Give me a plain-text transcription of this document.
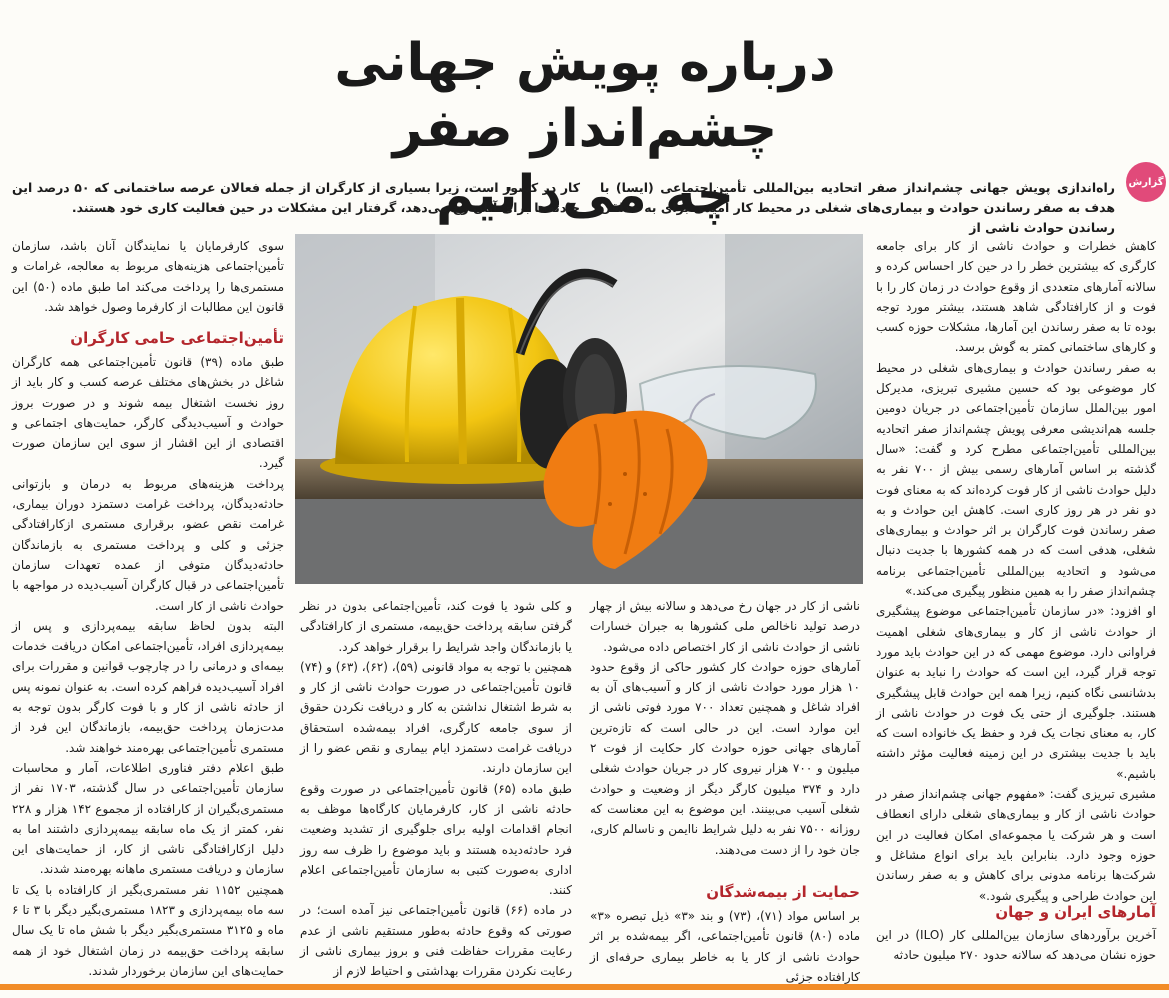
درباره پویش جهانی چشم‌انداز صفر
چه می‌دانیم	گزارش
راه‌اندازی پویش جهانی چشم‌انداز صفر اتحادیه بین‌المللی تأمین‌اجتماعی (ایسا) با هدف به صفر رساندن حوادث و بیماری‌های شغلی در محیط کار امیدی برای به حداقل رساندن حوادث ناشی از
کار در کشور است، زیرا بسیاری از کارگران از جمله فعالان عرصه ساختمانی که ۵۰ درصد این حادثه‌ها برای آنان رخ می‌دهد، گرفتار این مشکلات در حین فعالیت کاری خود هستند.

کاهش خطرات و حوادث ناشی از کار برای جامعه کارگری که بیشترین خطر را در حین کار احساس کرده و سالانه آمارهای متعددی از وقوع حوادث در زمان کار را با فوت و از کارافتادگی شاهد هستند، بیشتر مورد توجه بوده تا به صفر رساندن این آمارها، مشکلات حوزه کسب و کارهای ساختمانی کمتر به گوش برسد.

به صفر رساندن حوادث و بیماری‌های شغلی در محیط کار موضوعی بود که حسین مشیری تبریزی، مدیرکل امور بین‌الملل سازمان تأمین‌اجتماعی در جریان دومین جلسه هم‌اندیشی معرفی پویش چشم‌انداز صفر اتحادیه بین‌المللی تأمین‌اجتماعی مطرح کرد و گفت: «سال گذشته بر اساس آمارهای رسمی بیش از ۷۰۰ نفر به دلیل حوادث ناشی از کار فوت کرده‌اند که به معنای فوت دو نفر در هر روز کاری است. کاهش این حوادث و به صفر رساندن فوت کارگران بر اثر حوادث و بیماری‌های شغلی، هدفی است که در همه کشورها با جدیت دنبال می‌شود و اتحادیه بین‌المللی تأمین‌اجتماعی برنامه چشم‌انداز صفر را به همین منظور پیگیری می‌کند.»

او افزود: «در سازمان تأمین‌اجتماعی موضوع پیشگیری از حوادث ناشی از کار و بیماری‌های شغلی اهمیت فراوانی دارد. موضوع مهمی که در این حوادث باید مورد توجه قرار گیرد، این است که حوادث را نباید به عنوان بدشانسی نگاه کنیم، زیرا همه این حوادث قابل پیشگیری هستند. جلوگیری از حتی یک فوت در حوادث ناشی از کار، به معنای نجات یک فرد و حفظ یک خانواده است که باید با جدیت بیشتری در این زمینه فعالیت مؤثر داشته باشیم.»

مشیری تبریزی گفت: «مفهوم جهانی چشم‌انداز صفر در حوادث ناشی از کار و بیماری‌های شغلی دارای انعطاف است و هر شرکت یا مجموعه‌ای امکان فعالیت در این حوزه وجود دارد. بنابراین باید برای انواع مشاغل و شرکت‌ها برنامه مدونی برای کاهش و به صفر رساندن این حوادث طراحی و پیگیری شود.»

آمارهای ایران و جهان

آخرین برآوردهای سازمان بین‌المللی کار (ILO) در این حوزه نشان می‌دهد که سالانه حدود ۲۷۰ میلیون حادثه

ناشی از کار در جهان رخ می‌دهد و سالانه بیش از چهار درصد تولید ناخالص ملی کشورها به جبران خسارات ناشی از حوادث ناشی از کار اختصاص داده می‌شود.

آمارهای حوزه حوادث کار کشور حاکی از وقوع حدود ۱۰ هزار مورد حوادث ناشی از کار و آسیب‌های آن به افراد شاغل و همچنین تعداد ۷۰۰ مورد فوتی ناشی از این موارد است. این در حالی است که تازه‌ترین آمارهای جهانی حوزه حوادث کار حکایت از فوت ۲ میلیون و ۷۰۰ هزار نیروی کار در جریان حوادث شغلی دارد و ۳۷۴ میلیون کارگر دیگر از وضعیت و حوادث شغلی آسیب می‌بینند. این موضوع به این معناست که روزانه ۷۵۰۰ نفر به دلیل شرایط ناایمن و ناسالم کاری، جان خود را از دست می‌دهند.

حمایت از بیمه‌شدگان

بر اساس مواد (۷۱)، (۷۳) و بند «۳» ذیل تبصره «۳» ماده (۸۰) قانون تأمین‌اجتماعی، اگر بیمه‌شده بر اثر حوادث ناشی از کار یا به خاطر بیماری حرفه‌ای از کارافتاده جزئی

و کلی شود یا فوت کند، تأمین‌اجتماعی بدون در نظر گرفتن سابقه پرداخت حق‌بیمه، مستمری از کارافتادگی یا بازماندگان واجد شرایط را برقرار خواهد کرد.

همچنین با توجه به مواد قانونی (۵۹)، (۶۲)، (۶۳) و (۷۴) قانون تأمین‌اجتماعی در صورت حوادث ناشی از کار و به شرط اشتغال نداشتن به کار و دریافت نکردن حقوق از سوی جامعه کارگری، افراد بیمه‌شده استحقاق دریافت غرامت دستمزد ایام بیماری و نقص عضو را از این سازمان دارند.

طبق ماده (۶۵) قانون تأمین‌اجتماعی در صورت وقوع حادثه ناشی از کار، کارفرمایان کارگاه‌ها موظف به انجام اقدامات اولیه برای جلوگیری از تشدید وضعیت فرد حادثه‌دیده هستند و باید موضوع را ظرف سه روز اداری به‌صورت کتبی به سازمان تأمین‌اجتماعی اعلام کنند.

در ماده (۶۶) قانون تأمین‌اجتماعی نیز آمده است؛ در صورتی که وقوع حادثه به‌طور مستقیم ناشی از عدم رعایت مقررات حفاظت فنی و بروز بیماری ناشی از رعایت نکردن مقررات بهداشتی و احتیاط لازم از

سوی کارفرمایان یا نمایندگان آنان باشد، سازمان تأمین‌اجتماعی هزینه‌های مربوط به معالجه، غرامات و مستمری‌ها را پرداخت می‌کند اما طبق ماده (۵۰) این قانون این مطالبات از کارفرما وصول خواهد شد.

تأمین‌اجتماعی حامی کارگران

طبق ماده (۳۹) قانون تأمین‌اجتماعی همه کارگران شاغل در بخش‌های مختلف عرصه کسب و کار باید از روز نخست اشتغال بیمه شوند و در صورت بروز حوادث و آسیب‌دیدگی کارگر، حمایت‌های اجتماعی و اقتصادی از این اقشار از سوی این سازمان صورت گیرد.

پرداخت هزینه‌های مربوط به درمان و بازتوانی حادثه‌دیدگان، پرداخت غرامت دستمزد دوران بیماری، غرامت نقص عضو، برقراری مستمری ازکارافتادگی جزئی و کلی و پرداخت مستمری به بازماندگان حادثه‌دیدگان متوفی از عمده تعهدات سازمان تأمین‌اجتماعی در قبال کارگران آسیب‌دیده در مواجهه با حوادث ناشی از کار است.

البته بدون لحاظ سابقه بیمه‌پردازی و پس از بیمه‌پردازی افراد، تأمین‌اجتماعی امکان دریافت خدمات بیمه‌ای و درمانی را در چارچوب قوانین و مقررات برای افراد آسیب‌دیده فراهم کرده است. به عنوان نمونه پس از حادثه ناشی از کار و با فوت کارگر بدون توجه به مدت‌زمان پرداخت حق‌بیمه، بازماندگان این فرد از مستمری تأمین‌اجتماعی بهره‌مند خواهند شد.

طبق اعلام دفتر فناوری اطلاعات، آمار و محاسبات سازمان تأمین‌اجتماعی در سال گذشته، ۱۷۰۳ نفر از مستمری‌بگیران از کارافتاده از مجموع ۱۴۲ هزار و ۲۲۸ نفر، کمتر از یک ماه سابقه بیمه‌پردازی داشتند اما به دلیل ازکارافتادگی ناشی از کار، از حمایت‌های این سازمان و دریافت مستمری ماهانه بهره‌مند شدند.

همچنین ۱۱۵۲ نفر مستمری‌بگیر از کارافتاده با یک تا سه ماه بیمه‌پردازی و ۱۸۲۳ مستمری‌بگیر دیگر با ۳ تا ۶ ماه و ۳۱۲۵ مستمری‌بگیر دیگر با شش ماه تا یک سال سابقه پرداخت حق‌بیمه در زمان اشتغال خود از همه حمایت‌های این سازمان برخوردار شدند.
